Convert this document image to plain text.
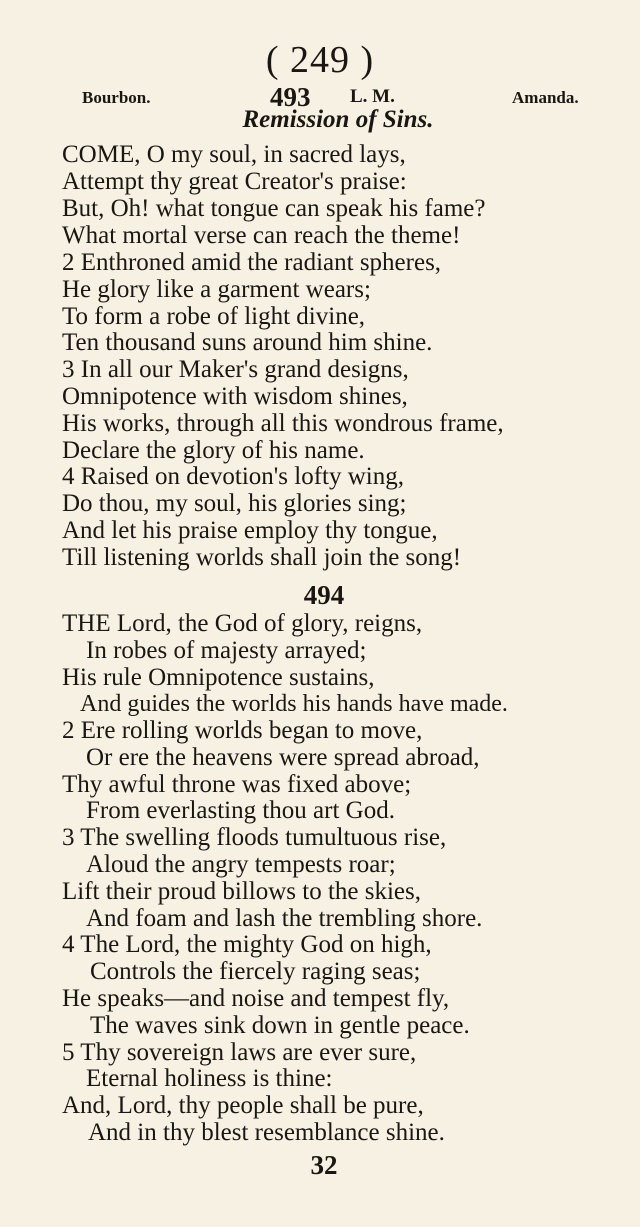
( 249 )
Bourbon.	493 L. M.	Amanda.
Remission of Sins.
COME, O my soul, in sacred lays,
Attempt thy great Creator's praise:
But, Oh! what tongue can speak his fame?
What mortal verse can reach the theme!
2 Enthroned amid the radiant spheres,
He glory like a garment wears;
To form a robe of light divine,
Ten thousand suns around him shine.
3 In all our Maker's grand designs,
Omnipotence with wisdom shines,
His works, through all this wondrous frame,
Declare the glory of his name.
4 Raised on devotion's lofty wing,
Do thou, my soul, his glories sing;
And let his praise employ thy tongue,
Till listening worlds shall join the song!
494
THE Lord, the God of glory, reigns,
In robes of majesty arrayed;
His rule Omnipotence sustains,
And guides the worlds his hands have made.
2 Ere rolling worlds began to move,
Or ere the heavens were spread abroad,
Thy awful throne was fixed above;
From everlasting thou art God.
3 The swelling floods tumultuous rise,
Aloud the angry tempests roar;
Lift their proud billows to the skies,
And foam and lash the trembling shore.
4 The Lord, the mighty God on high,
Controls the fiercely raging seas;
He speaks—and noise and tempest fly,
The waves sink down in gentle peace.
5 Thy sovereign laws are ever sure,
Eternal holiness is thine:
And, Lord, thy people shall be pure,
And in thy blest resemblance shine.
32
